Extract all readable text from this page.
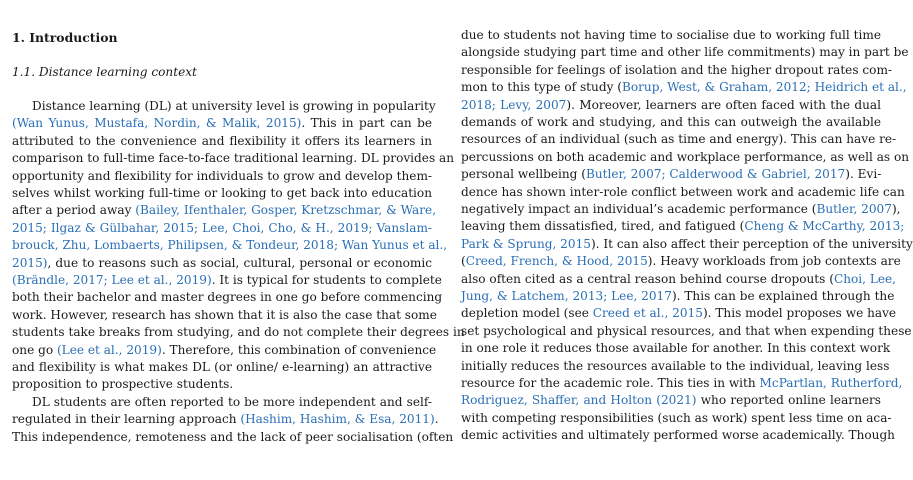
1. Introduction
1.1. Distance learning context
Distance learning (DL) at university level is growing in popularity
(Wan Yunus, Mustafa, Nordin, & Malik, 2015). This in part can be
attributed to the convenience and flexibility it offers its learners in
comparison to full-time face-to-face traditional learning. DL provides an
opportunity and flexibility for individuals to grow and develop them-
selves whilst working full-time or looking to get back into education
after a period away (Bailey, Ifenthaler, Gosper, Kretzschmar, & Ware,
2015; Ilgaz & Gülbahar, 2015; Lee, Choi, Cho, & H., 2019; Vanslam-
brouck, Zhu, Lombaerts, Philipsen, & Tondeur, 2018; Wan Yunus et al.,
2015), due to reasons such as social, cultural, personal or economic
(Brändle, 2017; Lee et al., 2019). It is typical for students to complete
both their bachelor and master degrees in one go before commencing
work. However, research has shown that it is also the case that some
students take breaks from studying, and do not complete their degrees in
one go (Lee et al., 2019). Therefore, this combination of convenience
and flexibility is what makes DL (or online/ e-learning) an attractive
proposition to prospective students.
DL students are often reported to be more independent and self-
regulated in their learning approach (Hashim, Hashim, & Esa, 2011).
This independence, remoteness and the lack of peer socialisation (often
due to students not having time to socialise due to working full time
alongside studying part time and other life commitments) may in part be
responsible for feelings of isolation and the higher dropout rates com-
mon to this type of study (Borup, West, & Graham, 2012; Heidrich et al.,
2018; Levy, 2007). Moreover, learners are often faced with the dual
demands of work and studying, and this can outweigh the available
resources of an individual (such as time and energy). This can have re-
percussions on both academic and workplace performance, as well as on
personal wellbeing (Butler, 2007; Calderwood & Gabriel, 2017). Evi-
dence has shown inter-role conflict between work and academic life can
negatively impact an individual’s academic performance (Butler, 2007),
leaving them dissatisfied, tired, and fatigued (Cheng & McCarthy, 2013;
Park & Sprung, 2015). It can also affect their perception of the university
(Creed, French, & Hood, 2015). Heavy workloads from job contexts are
also often cited as a central reason behind course dropouts (Choi, Lee,
Jung, & Latchem, 2013; Lee, 2017). This can be explained through the
depletion model (see Creed et al., 2015). This model proposes we have
set psychological and physical resources, and that when expending these
in one role it reduces those available for another. In this context work
initially reduces the resources available to the individual, leaving less
resource for the academic role. This ties in with McPartlan, Rutherford,
Rodriguez, Shaffer, and Holton (2021) who reported online learners
with competing responsibilities (such as work) spent less time on aca-
demic activities and ultimately performed worse academically. Though
